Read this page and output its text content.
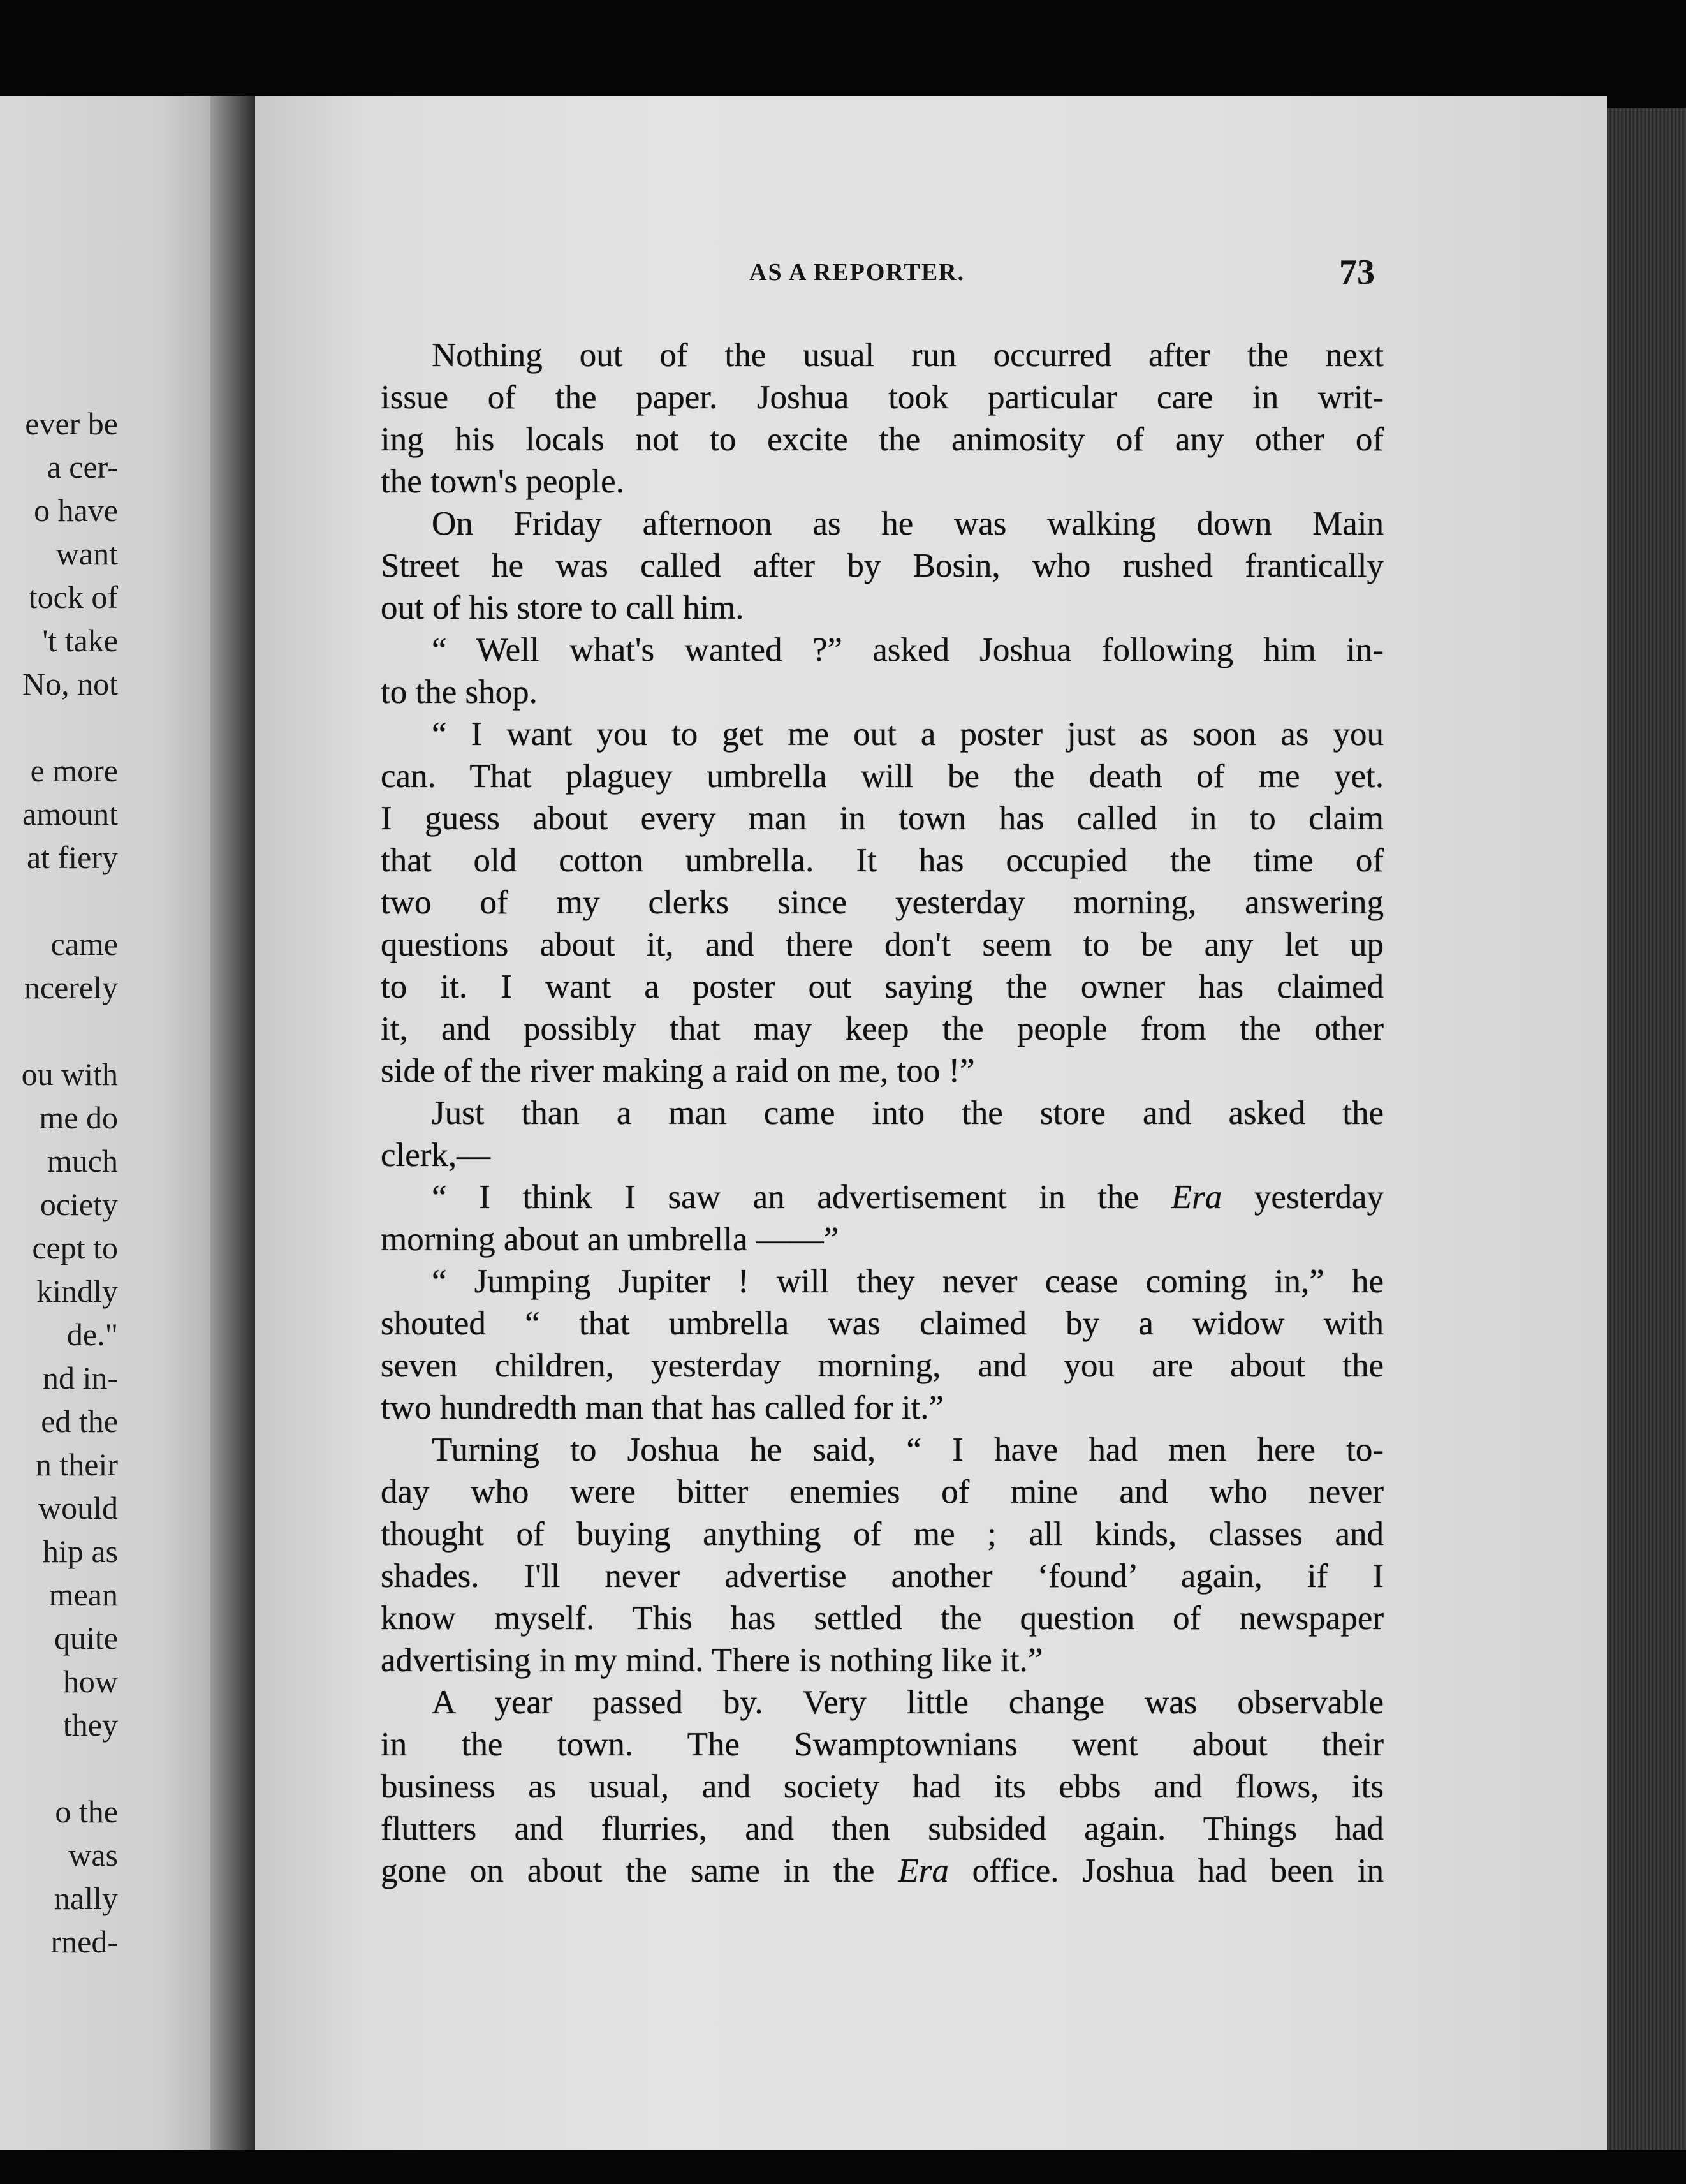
ever be
a cer-
o have
want
tock of
't take
No, not
e more
amount
at fiery
came
ncerely
ou with
me do
much
ociety
cept to
kindly
de."
nd in-
ed the
n their
would
hip as
mean
quite
how
they
o the
was
nally
rned-
AS A REPORTER.	73
Nothing out of the usual run occurred after the next
issue of the paper. Joshua took particular care in writ-
ing his locals not to excite the animosity of any other of
the town's people.
On Friday afternoon as he was walking down Main
Street he was called after by Bosin, who rushed frantically
out of his store to call him.
“ Well what's wanted ?” asked Joshua following him in-
to the shop.
“ I want you to get me out a poster just as soon as you
can. That plaguey umbrella will be the death of me yet.
I guess about every man in town has called in to claim
that old cotton umbrella. It has occupied the time of
two of my clerks since yesterday morning, answering
questions about it, and there don't seem to be any let up
to it. I want a poster out saying the owner has claimed
it, and possibly that may keep the people from the other
side of the river making a raid on me, too !”
Just than a man came into the store and asked the
clerk,—
“ I think I saw an advertisement in the Era yesterday
morning about an umbrella ——”
“ Jumping Jupiter ! will they never cease coming in,” he
shouted “ that umbrella was claimed by a widow with
seven children, yesterday morning, and you are about the
two hundredth man that has called for it.”
Turning to Joshua he said, “ I have had men here to-
day who were bitter enemies of mine and who never
thought of buying anything of me ; all kinds, classes and
shades. I'll never advertise another ‘found’ again, if I
know myself. This has settled the question of newspaper
advertising in my mind. There is nothing like it.”
A year passed by. Very little change was observable
in the town. The Swamptownians went about their
business as usual, and society had its ebbs and flows, its
flutters and flurries, and then subsided again. Things had
gone on about the same in the Era office. Joshua had been in
